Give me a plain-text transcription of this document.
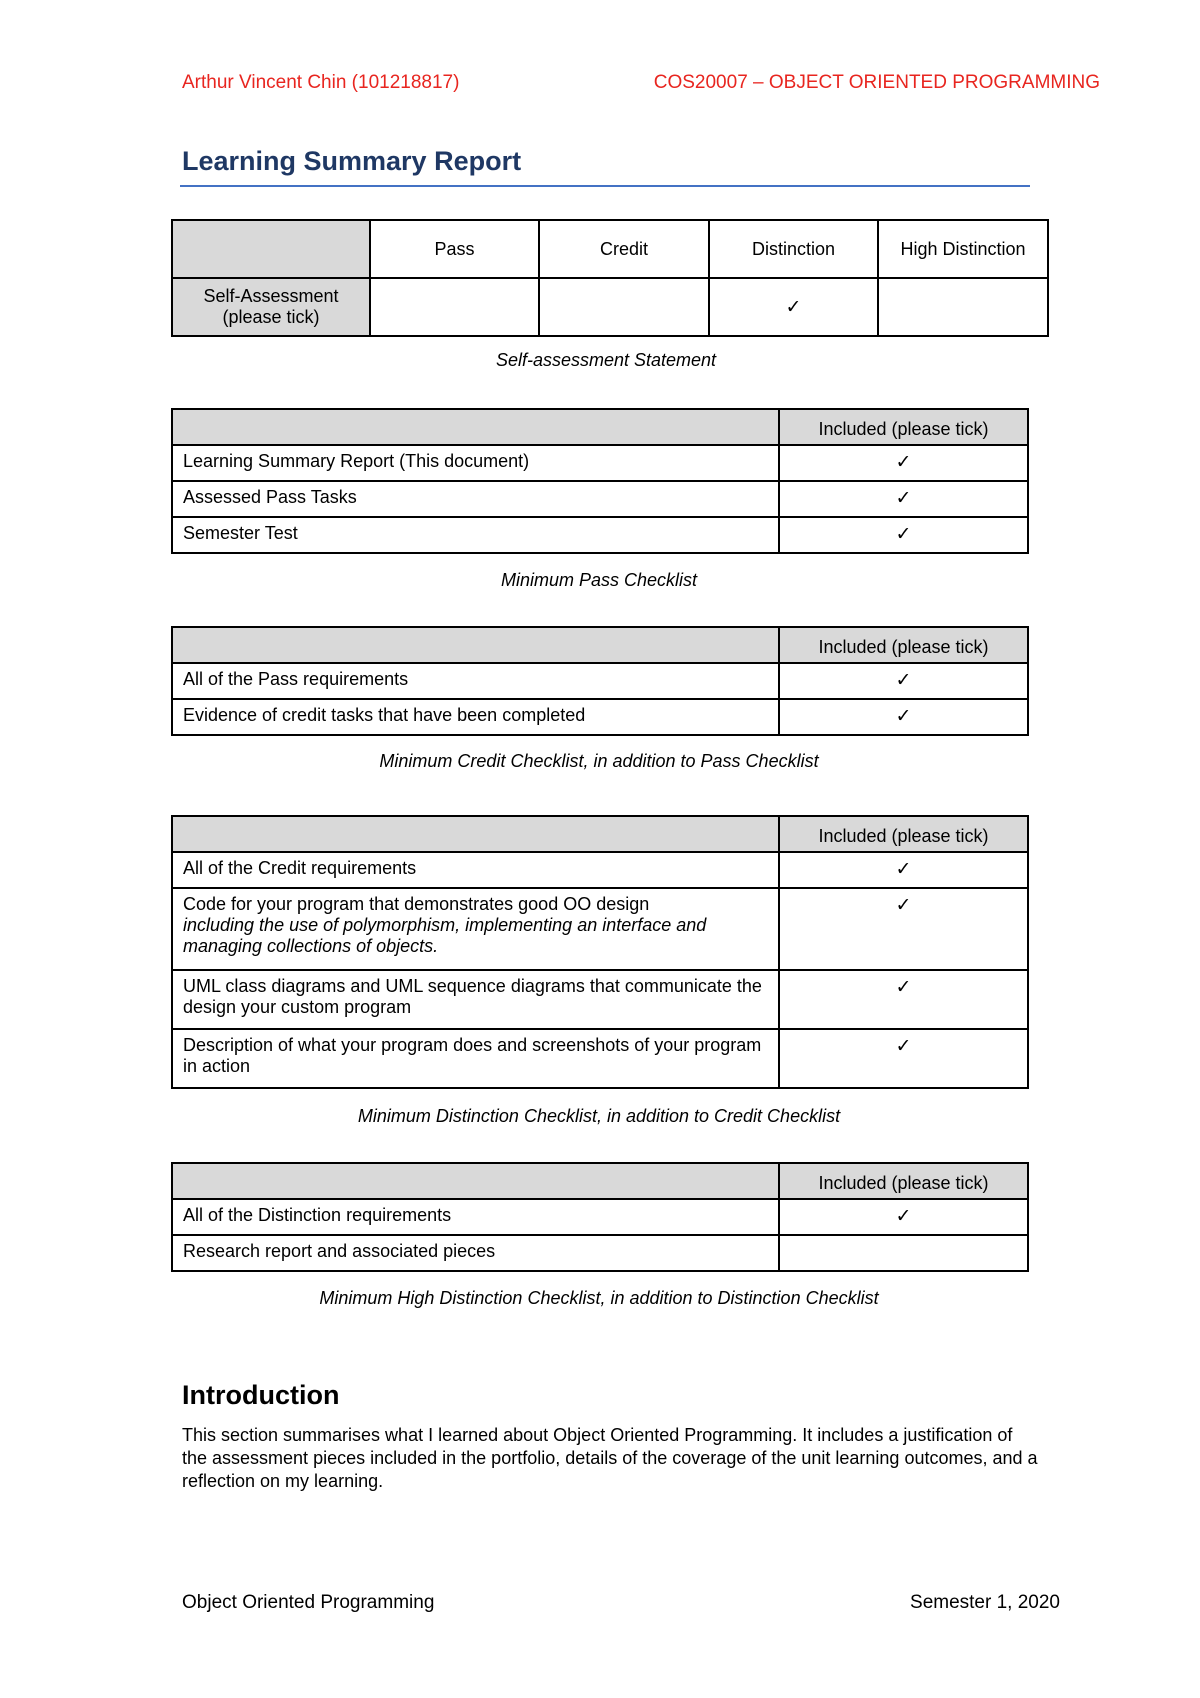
Arthur Vincent Chin (101218817)	COS20007 – OBJECT ORIENTED PROGRAMMING
Learning Summary Report
	Pass	Credit	Distinction	High Distinction

Self-Assessment
(please tick)			✓	
Self-assessment Statement
	Included (please tick)
Learning Summary Report (This document)	✓
Assessed Pass Tasks	✓
Semester Test	✓
Minimum Pass Checklist
	Included (please tick)
All of the Pass requirements	✓
Evidence of credit tasks that have been completed	✓
Minimum Credit Checklist, in addition to Pass Checklist
	Included (please tick)
All of the Credit requirements	✓

Code for your program that demonstrates good OO design
including the use of polymorphism, implementing an interface and managing collections of objects.	✓
UML class diagrams and UML sequence diagrams that communicate the design your custom program	✓
Description of what your program does and screenshots of your program in action	✓
Minimum Distinction Checklist, in addition to Credit Checklist
	Included (please tick)
All of the Distinction requirements	✓
Research report and associated pieces	
Minimum High Distinction Checklist, in addition to Distinction Checklist
Introduction
This section summarises what I learned about Object Oriented Programming. It includes a justification of the assessment pieces included in the portfolio, details of the coverage of the unit learning outcomes, and a reflection on my learning.
Object Oriented Programming	Semester 1, 2020
